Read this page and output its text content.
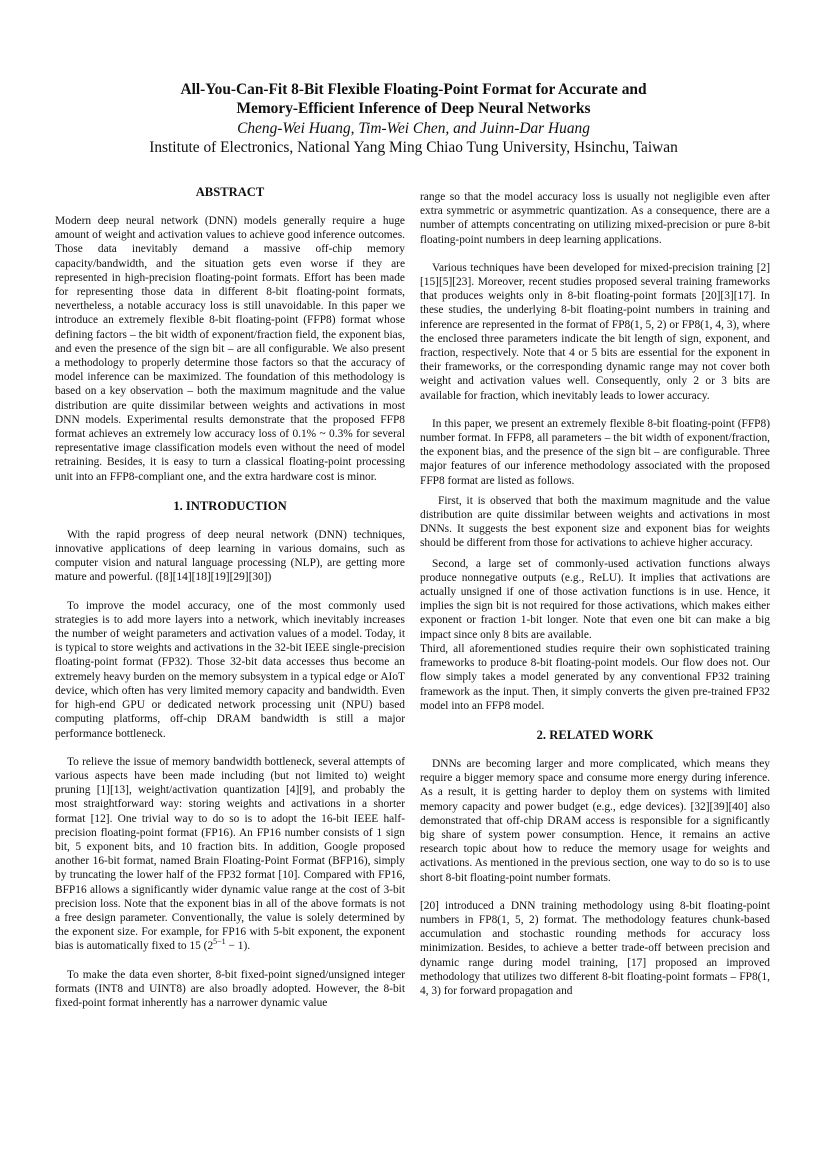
All-You-Can-Fit 8-Bit Flexible Floating-Point Format for Accurate and
Memory-Efficient Inference of Deep Neural Networks
Cheng-Wei Huang, Tim-Wei Chen, and Juinn-Dar Huang
Institute of Electronics, National Yang Ming Chiao Tung University, Hsinchu, Taiwan
ABSTRACT

Modern deep neural network (DNN) models generally require a huge amount of weight and activation values to achieve good inference outcomes. Those data inevitably demand a massive off-chip memory capacity/bandwidth, and the situation gets even worse if they are represented in high-precision floating-point formats. Effort has been made for representing those data in different 8-bit floating-point formats, nevertheless, a notable accuracy loss is still unavoidable. In this paper we introduce an extremely flexible 8-bit floating-point (FFP8) format whose defining factors – the bit width of exponent/fraction field, the exponent bias, and even the presence of the sign bit – are all configurable. We also present a methodology to properly determine those factors so that the accuracy of model inference can be maximized. The foundation of this methodology is based on a key observation – both the maximum magnitude and the value distribution are quite dissimilar between weights and activations in most DNN models. Experimental results demonstrate that the proposed FFP8 format achieves an extremely low accuracy loss of 0.1% ~ 0.3% for several representative image classification models even without the need of model retraining. Besides, it is easy to turn a classical floating-point processing unit into an FFP8-compliant one, and the extra hardware cost is minor.

1. INTRODUCTION

With the rapid progress of deep neural network (DNN) techniques, innovative applications of deep learning in various domains, such as computer vision and natural language processing (NLP), are getting more mature and powerful. ([8][14][18][19][29][30])

To improve the model accuracy, one of the most commonly used strategies is to add more layers into a network, which inevitably increases the number of weight parameters and activation values of a model. Today, it is typical to store weights and activations in the 32-bit IEEE single-precision floating-point format (FP32). Those 32-bit data accesses thus become an extremely heavy burden on the memory subsystem in a typical edge or AIoT device, which often has very limited memory capacity and bandwidth. Even for high-end GPU or dedicated network processing unit (NPU) based computing platforms, off-chip DRAM bandwidth is still a major performance bottleneck.

To relieve the issue of memory bandwidth bottleneck, several attempts of various aspects have been made including (but not limited to) weight pruning [1][13], weight/activation quantization [4][9], and probably the most straightforward way: storing weights and activations in a shorter format [12]. One trivial way to do so is to adopt the 16-bit IEEE half-precision floating-point format (FP16). An FP16 number consists of 1 sign bit, 5 exponent bits, and 10 fraction bits. In addition, Google proposed another 16-bit format, named Brain Floating-Point Format (BFP16), simply by truncating the lower half of the FP32 format [10]. Compared with FP16, BFP16 allows a significantly wider dynamic value range at the cost of 3-bit precision loss. Note that the exponent bias in all of the above formats is not a free design parameter. Conventionally, the value is solely determined by the exponent size. For example, for FP16 with 5-bit exponent, the exponent bias is automatically fixed to 15 $(2^{5-1} - 1)$.

To make the data even shorter, 8-bit fixed-point signed/unsigned integer formats (INT8 and UINT8) are also broadly adopted. However, the 8-bit fixed-point format inherently has a narrower dynamic value

range so that the model accuracy loss is usually not negligible even after extra symmetric or asymmetric quantization. As a consequence, there are a number of attempts concentrating on utilizing mixed-precision or pure 8-bit floating-point numbers in deep learning applications.

Various techniques have been developed for mixed-precision training [2][15][5][23]. Moreover, recent studies proposed several training frameworks that produces weights only in 8-bit floating-point formats [20][3][17]. In these studies, the underlying 8-bit floating-point numbers in training and inference are represented in the format of FP8(1, 5, 2) or FP8(1, 4, 3), where the enclosed three parameters indicate the bit length of sign, exponent, and fraction, respectively. Note that 4 or 5 bits are essential for the exponent in their frameworks, or the corresponding dynamic range may not cover both weight and activation values well. Consequently, only 2 or 3 bits are available for fraction, which inevitably leads to lower accuracy.

In this paper, we present an extremely flexible 8-bit floating-point (FFP8) number format. In FFP8, all parameters – the bit width of exponent/fraction, the exponent bias, and the presence of the sign bit – are configurable. Three major features of our inference methodology associated with the proposed FFP8 format are listed as follows.

First, it is observed that both the maximum magnitude and the value distribution are quite dissimilar between weights and activations in most DNNs. It suggests the best exponent size and exponent bias for weights should be different from those for activations to achieve higher accuracy.

Second, a large set of commonly-used activation functions always produce nonnegative outputs (e.g., ReLU). It implies that activations are actually unsigned if one of those activation functions is in use. Hence, it implies the sign bit is not required for those activations, which makes either exponent or fraction 1-bit longer. Note that even one bit can make a big impact since only 8 bits are available.

Third, all aforementioned studies require their own sophisticated training frameworks to produce 8-bit floating-point models. Our flow does not. Our flow simply takes a model generated by any conventional FP32 training framework as the input. Then, it simply converts the given pre-trained FP32 model into an FFP8 model.

2. RELATED WORK

DNNs are becoming larger and more complicated, which means they require a bigger memory space and consume more energy during inference. As a result, it is getting harder to deploy them on systems with limited memory capacity and power budget (e.g., edge devices). [32][39][40] also demonstrated that off-chip DRAM access is responsible for a significantly big share of system power consumption. Hence, it remains an active research topic about how to reduce the memory usage for weights and activations. As mentioned in the previous section, one way to do so is to use short 8-bit floating-point number formats.

[20] introduced a DNN training methodology using 8-bit floating-point numbers in FP8(1, 5, 2) format. The methodology features chunk-based accumulation and stochastic rounding methods for accuracy loss minimization. Besides, to achieve a better trade-off between precision and dynamic range during model training, [17] proposed an improved methodology that utilizes two different 8-bit floating-point formats – FP8(1, 4, 3) for forward propagation and
